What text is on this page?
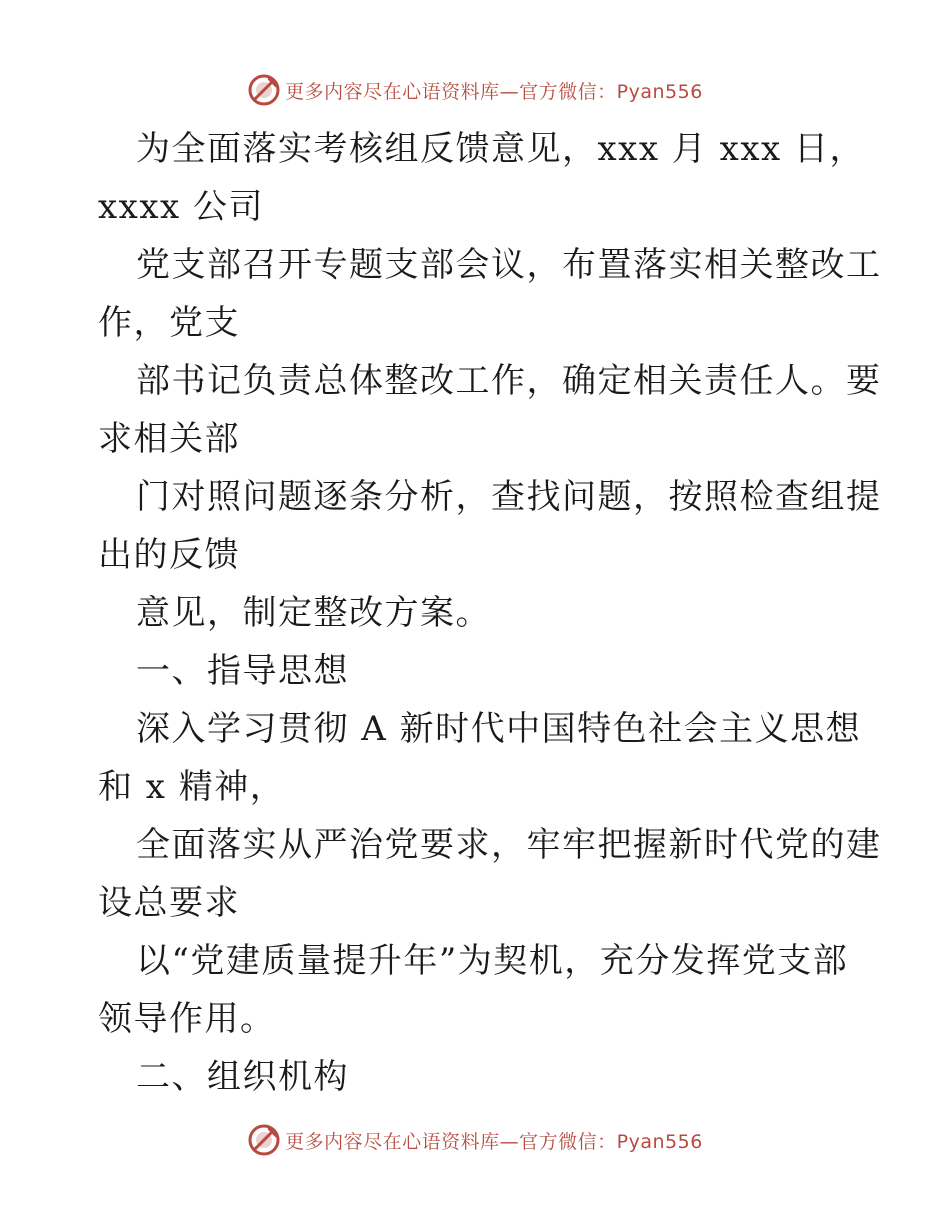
更多内容尽在心语资料库—官方微信：Pyan556
为全面落实考核组反馈意见，xxx 月 xxx 日，
xxxx 公司
党支部召开专题支部会议，布置落实相关整改工
作，党支
部书记负责总体整改工作，确定相关责任人。要
求相关部
门对照问题逐条分析，查找问题，按照检查组提
出的反馈
意见，制定整改方案。
一、指导思想
深入学习贯彻 A 新时代中国特色社会主义思想
和 x 精神，
全面落实从严治党要求，牢牢把握新时代党的建
设总要求
以“党建质量提升年”为契机，充分发挥党支部
领导作用。
二、组织机构
更多内容尽在心语资料库—官方微信：Pyan556
